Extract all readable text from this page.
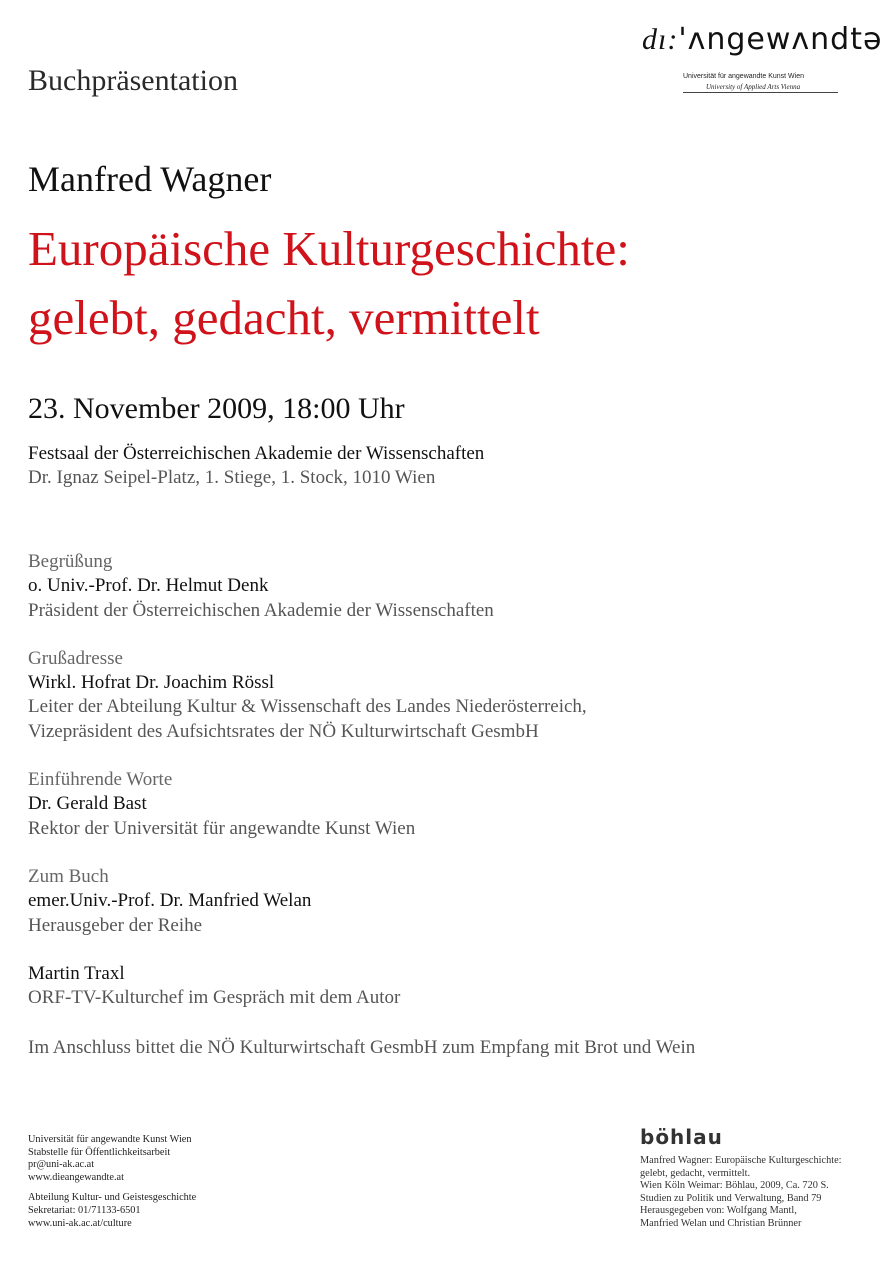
dı:'ʌngewʌndtə
Universität für angewandte Kunst Wien
University of Applied Arts Vienna
Buchpräsentation
Manfred Wagner
Europäische Kulturgeschichte:
gelebt, gedacht, vermittelt
23. November 2009, 18:00 Uhr
Festsaal der Österreichischen Akademie der Wissenschaften
Dr. Ignaz Seipel-Platz, 1. Stiege, 1. Stock, 1010 Wien
Begrüßung
o. Univ.-Prof. Dr. Helmut Denk
Präsident der Österreichischen Akademie der Wissenschaften
Grußadresse
Wirkl. Hofrat Dr. Joachim Rössl
Leiter der Abteilung Kultur & Wissenschaft des Landes Niederösterreich,
Vizepräsident des Aufsichtsrates der NÖ Kulturwirtschaft GesmbH
Einführende Worte
Dr. Gerald Bast
Rektor der Universität für angewandte Kunst Wien
Zum Buch
emer.Univ.-Prof. Dr. Manfried Welan
Herausgeber der Reihe
Martin Traxl
ORF-TV-Kulturchef im Gespräch mit dem Autor
Im Anschluss bittet die NÖ Kulturwirtschaft GesmbH zum Empfang mit Brot und Wein
Universität für angewandte Kunst Wien
Stabstelle für Öffentlichkeitsarbeit
pr@uni-ak.ac.at
www.dieangewandte.at
Abteilung Kultur- und Geistesgeschichte
Sekretariat: 01/71133-6501
www.uni-ak.ac.at/culture
böhlau
Manfred Wagner: Europäische Kulturgeschichte:
gelebt, gedacht, vermittelt.
Wien Köln Weimar: Böhlau, 2009, Ca. 720 S.
Studien zu Politik und Verwaltung, Band 79
Herausgegeben von: Wolfgang Mantl,
Manfried Welan und Christian Brünner
